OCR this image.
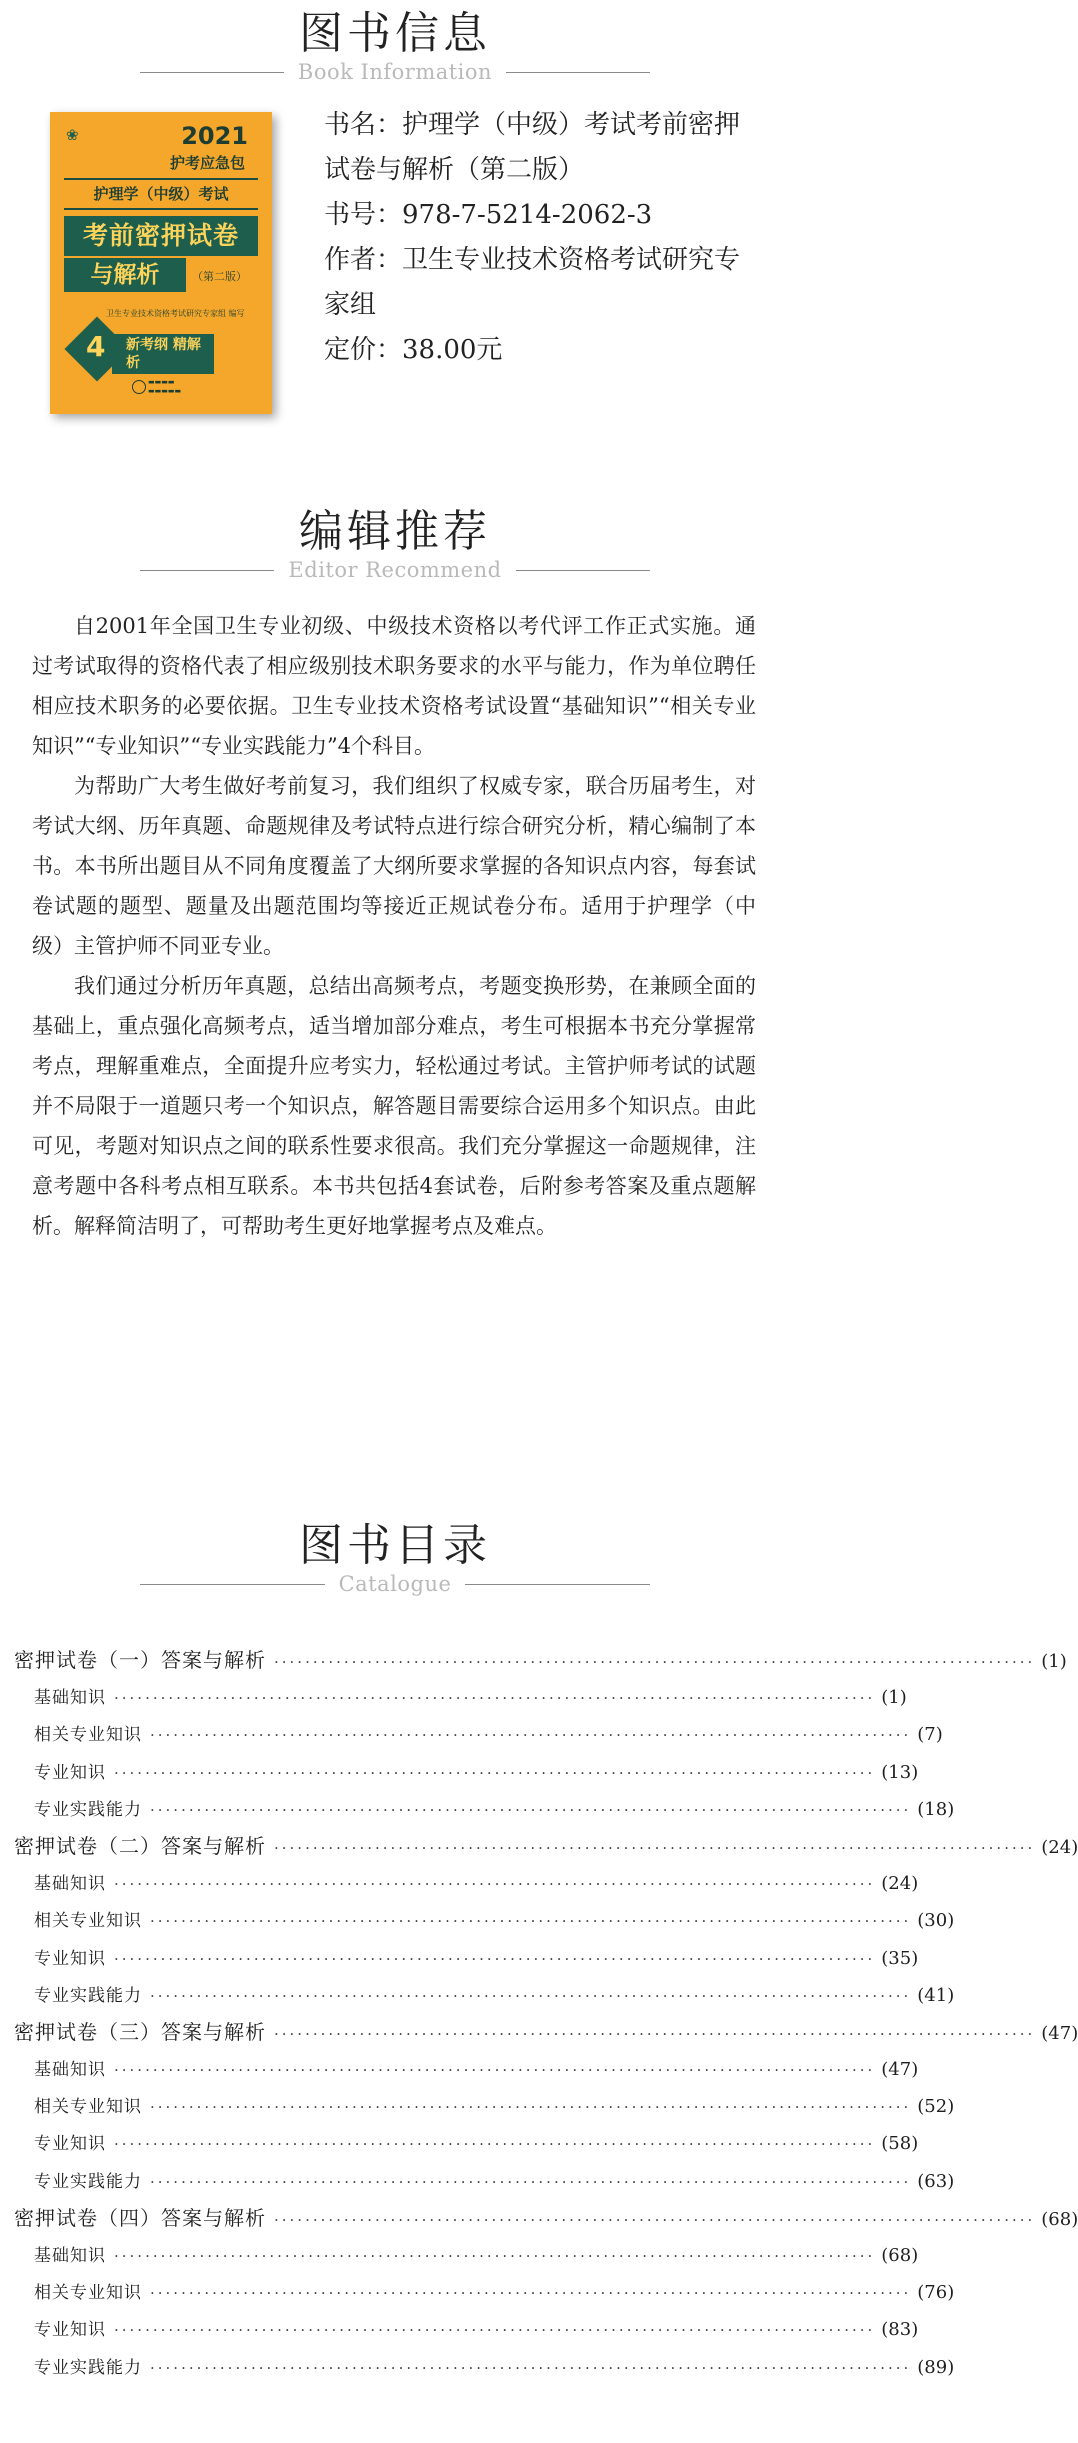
图书信息
Book Information
❀	2021
护考应急包
护理学（中级）考试
考前密押试卷
与解析	（第二版）
卫生专业技术资格考试研究专家组 编写
4	新考纲 精解析
▬▬▬▬
▬▬▬▬▬
书名：护理学（中级）考试考前密押试卷与解析（第二版）
书号：978-7-5214-2062-3
作者：卫生专业技术资格考试研究专家组
定价：38.00元
编辑推荐
Editor Recommend

自2001年全国卫生专业初级、中级技术资格以考代评工作正式实施。通过考试取得的资格代表了相应级别技术职务要求的水平与能力，作为单位聘任相应技术职务的必要依据。卫生专业技术资格考试设置“基础知识”“相关专业知识”“专业知识”“专业实践能力”4个科目。

为帮助广大考生做好考前复习，我们组织了权威专家，联合历届考生，对考试大纲、历年真题、命题规律及考试特点进行综合研究分析，精心编制了本书。本书所出题目从不同角度覆盖了大纲所要求掌握的各知识点内容，每套试卷试题的题型、题量及出题范围均等接近正规试卷分布。适用于护理学（中级）主管护师不同亚专业。

我们通过分析历年真题，总结出高频考点，考题变换形势，在兼顾全面的基础上，重点强化高频考点，适当增加部分难点，考生可根据本书充分掌握常考点，理解重难点，全面提升应考实力，轻松通过考试。主管护师考试的试题并不局限于一道题只考一个知识点，解答题目需要综合运用多个知识点。由此可见，考题对知识点之间的联系性要求很高。我们充分掌握这一命题规律，注意考题中各科考点相互联系。本书共包括4套试卷，后附参考答案及重点题解析。解释简洁明了，可帮助考生更好地掌握考点及难点。

图书目录
Catalogue
密押试卷（一）答案与解析 ·································································································· (1)
基础知识 ·································································································· (1)
相关专业知识 ·································································································· (7)
专业知识 ·································································································· (13)
专业实践能力 ·································································································· (18)
密押试卷（二）答案与解析 ·································································································· (24)
基础知识 ·································································································· (24)
相关专业知识 ·································································································· (30)
专业知识 ·································································································· (35)
专业实践能力 ·································································································· (41)
密押试卷（三）答案与解析 ·································································································· (47)
基础知识 ·································································································· (47)
相关专业知识 ·································································································· (52)
专业知识 ·································································································· (58)
专业实践能力 ·································································································· (63)
密押试卷（四）答案与解析 ·································································································· (68)
基础知识 ·································································································· (68)
相关专业知识 ·································································································· (76)
专业知识 ·································································································· (83)
专业实践能力 ·································································································· (89)
